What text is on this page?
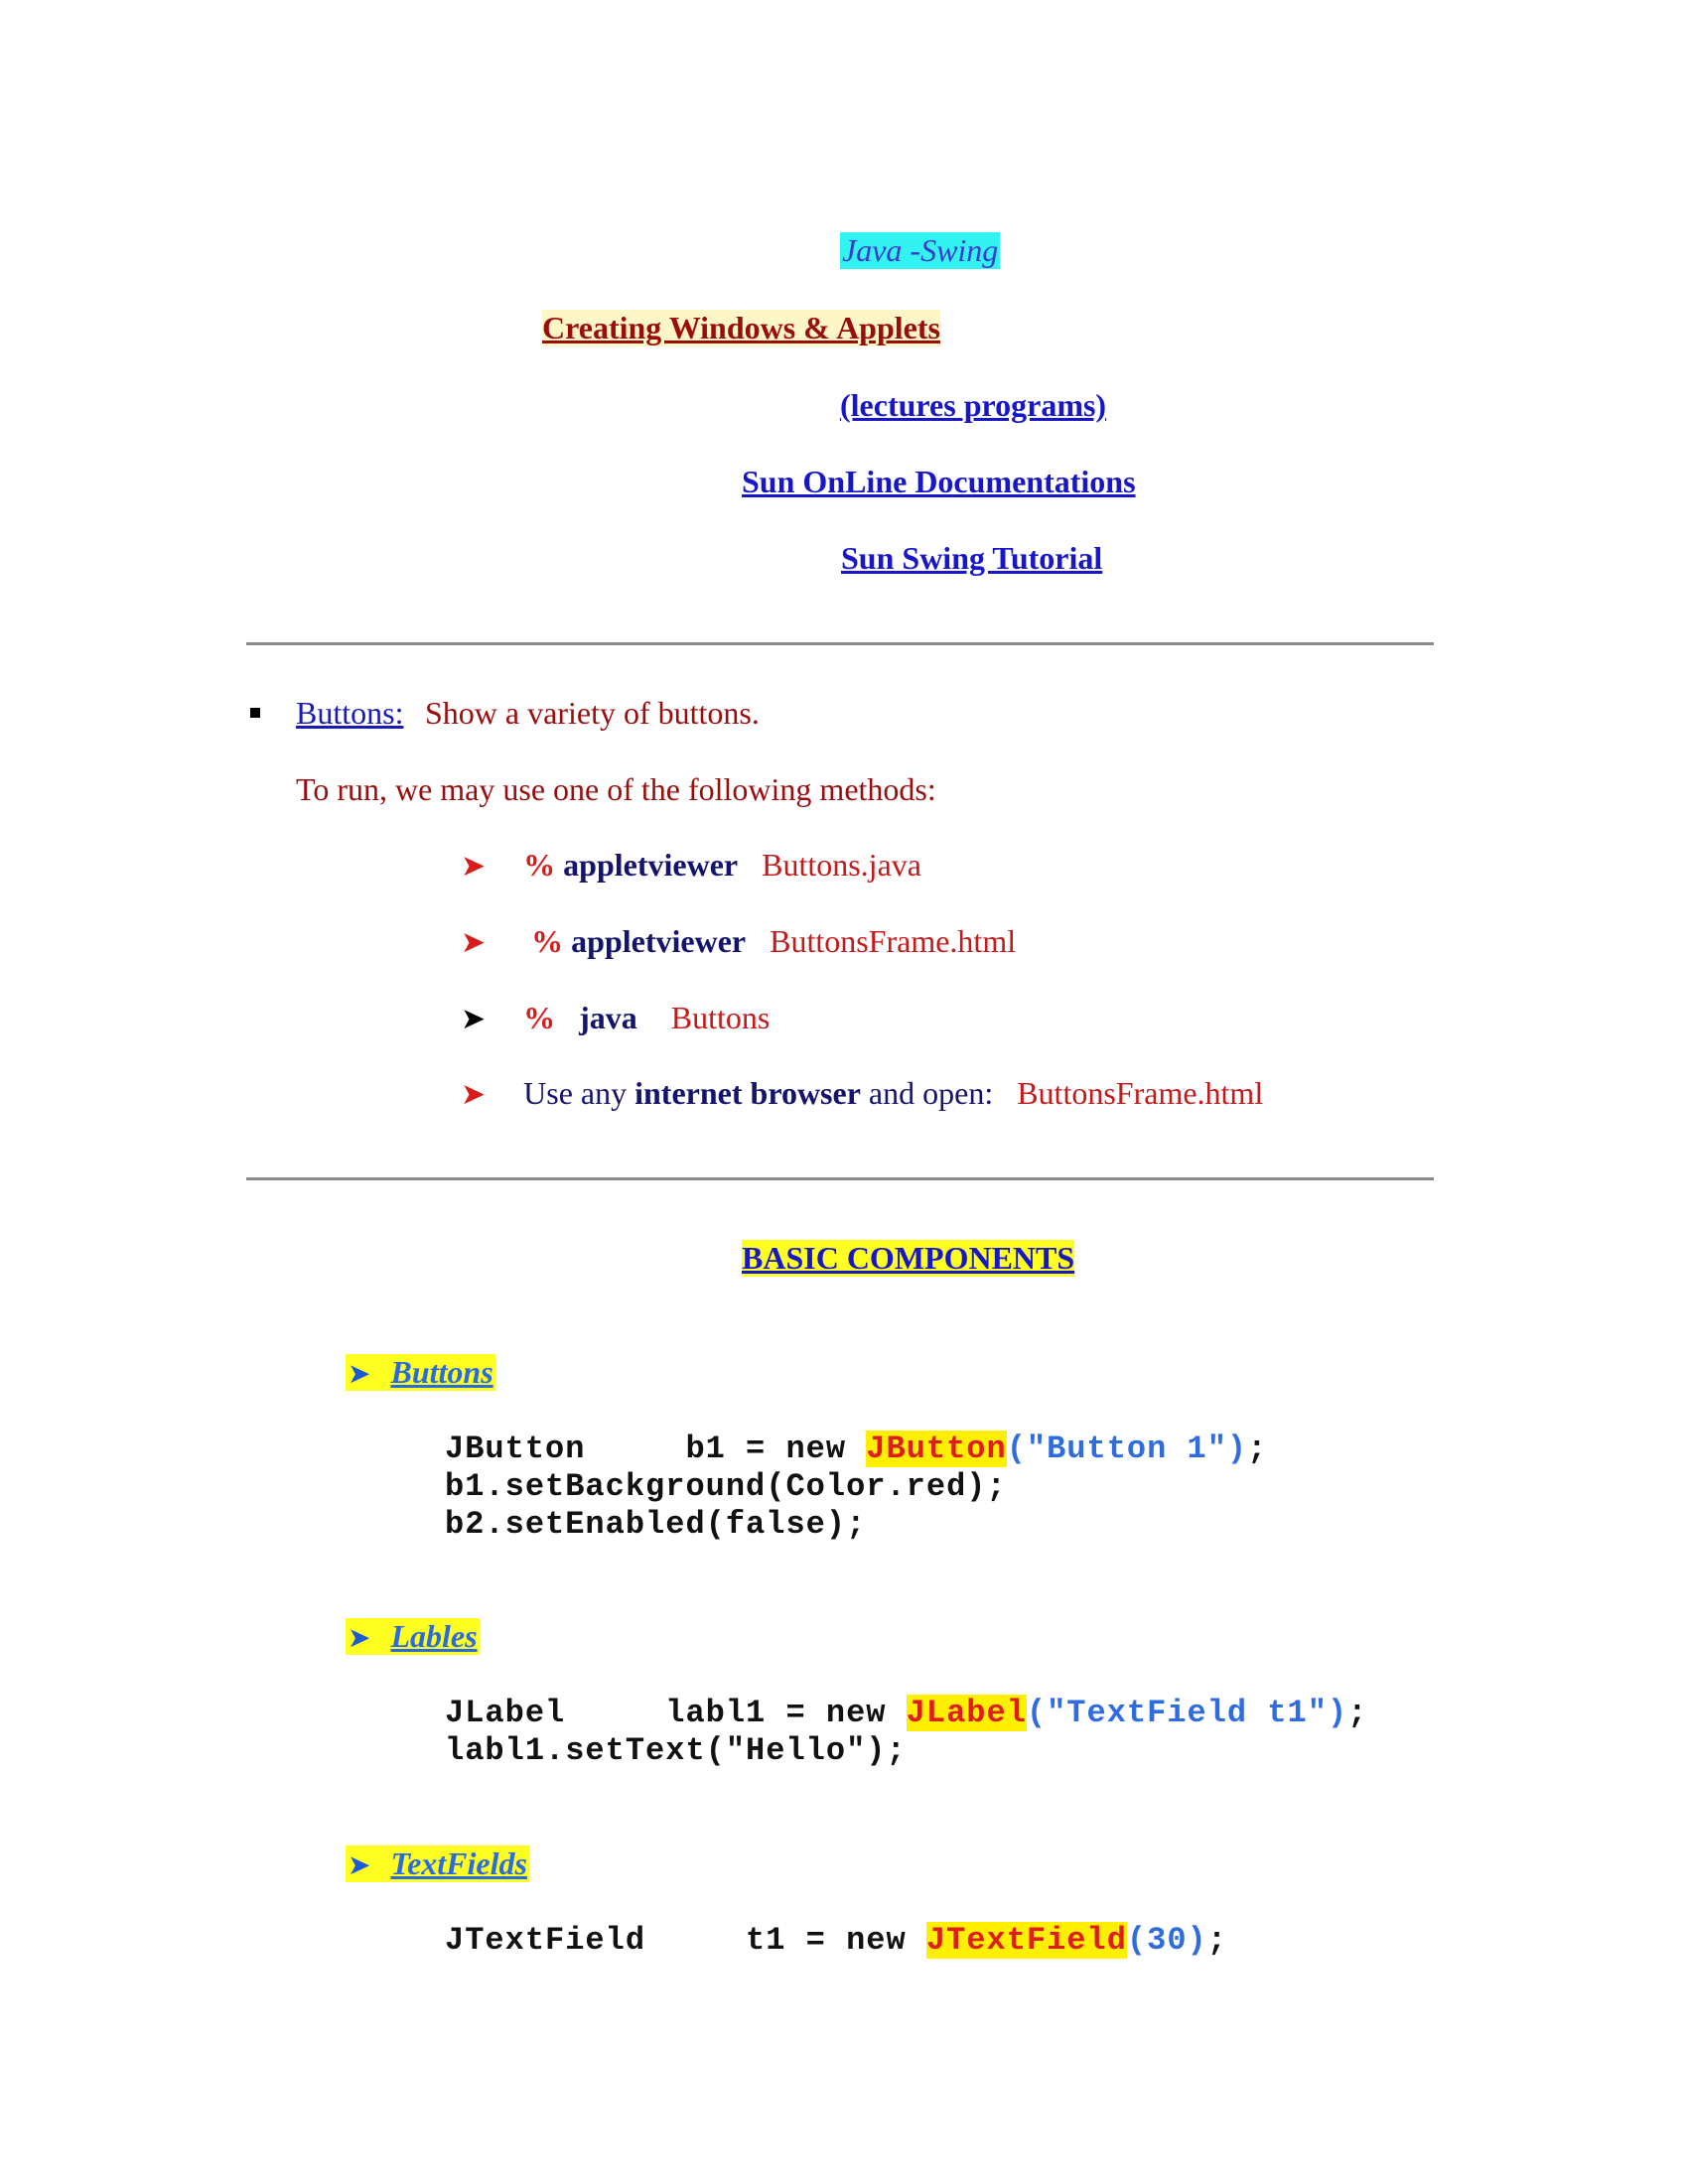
Java -Swing
Creating Windows & Applets
(lectures programs)
Sun OnLine Documentations
Sun Swing Tutorial
Buttons: Show a variety of buttons.
To run, we may use one of the following methods:
➤ % appletviewer Buttons.java
➤ % appletviewer ButtonsFrame.html
➤ % java Buttons
➤ Use any internet browser and open: ButtonsFrame.html
BASIC COMPONENTS
➤ Buttons
JButton     b1 = new JButton("Button 1");
b1.setBackground(Color.red);
b2.setEnabled(false);
➤ Lables
JLabel     labl1 = new JLabel("TextField t1");
labl1.setText("Hello");
➤ TextFields
JTextField     t1 = new JTextField(30);
